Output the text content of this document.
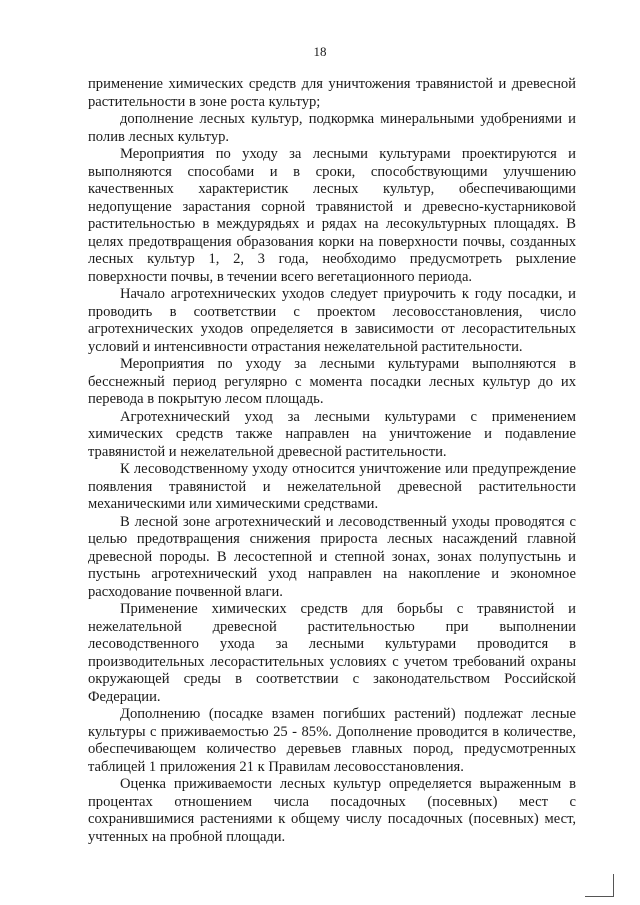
18

применение химических средств для уничтожения травянистой и древесной растительности в зоне роста культур;

дополнение лесных культур, подкормка минеральными удобрениями и полив лесных культур.

Мероприятия по уходу за лесными культурами проектируются и выполняются способами и в сроки, способствующими улучшению качественных характеристик лесных культур, обеспечивающими недопущение зарастания сорной травянистой и древесно-кустарниковой растительностью в междурядьях и рядах на лесокультурных площадях. В целях предотвращения образования корки на поверхности почвы, созданных лесных культур 1, 2, 3 года, необходимо предусмотреть рыхление поверхности почвы, в течении всего вегетационного периода.

Начало агротехнических уходов следует приурочить к году посадки, и проводить в соответствии с проектом лесовосстановления, число агротехнических уходов определяется в зависимости от лесорастительных условий и интенсивности отрастания нежелательной растительности.

Мероприятия по уходу за лесными культурами выполняются в бесснежный период регулярно с момента посадки лесных культур до их перевода в покрытую лесом площадь.

Агротехнический уход за лесными культурами с применением химических средств также направлен на уничтожение и подавление травянистой и нежелательной древесной растительности.

К лесоводственному уходу относится уничтожение или предупреждение появления травянистой и нежелательной древесной растительности механическими или химическими средствами.

В лесной зоне агротехнический и лесоводственный уходы проводятся с целью предотвращения снижения прироста лесных насаждений главной древесной породы. В лесостепной и степной зонах, зонах полупустынь и пустынь агротехнический уход направлен на накопление и экономное расходование почвенной влаги.

Применение химических средств для борьбы с травянистой и нежелательной древесной растительностью при выполнении лесоводственного ухода за лесными культурами проводится в производительных лесорастительных условиях с учетом требований охраны окружающей среды в соответствии с законодательством Российской Федерации.

Дополнению (посадке взамен погибших растений) подлежат лесные культуры с приживаемостью 25 - 85%. Дополнение проводится в количестве, обеспечивающем количество деревьев главных пород, предусмотренных таблицей 1 приложения 21 к Правилам лесовосстановления.

Оценка приживаемости лесных культур определяется выраженным в процентах отношением числа посадочных (посевных) мест с сохранившимися растениями к общему числу посадочных (посевных) мест, учтенных на пробной площади.
